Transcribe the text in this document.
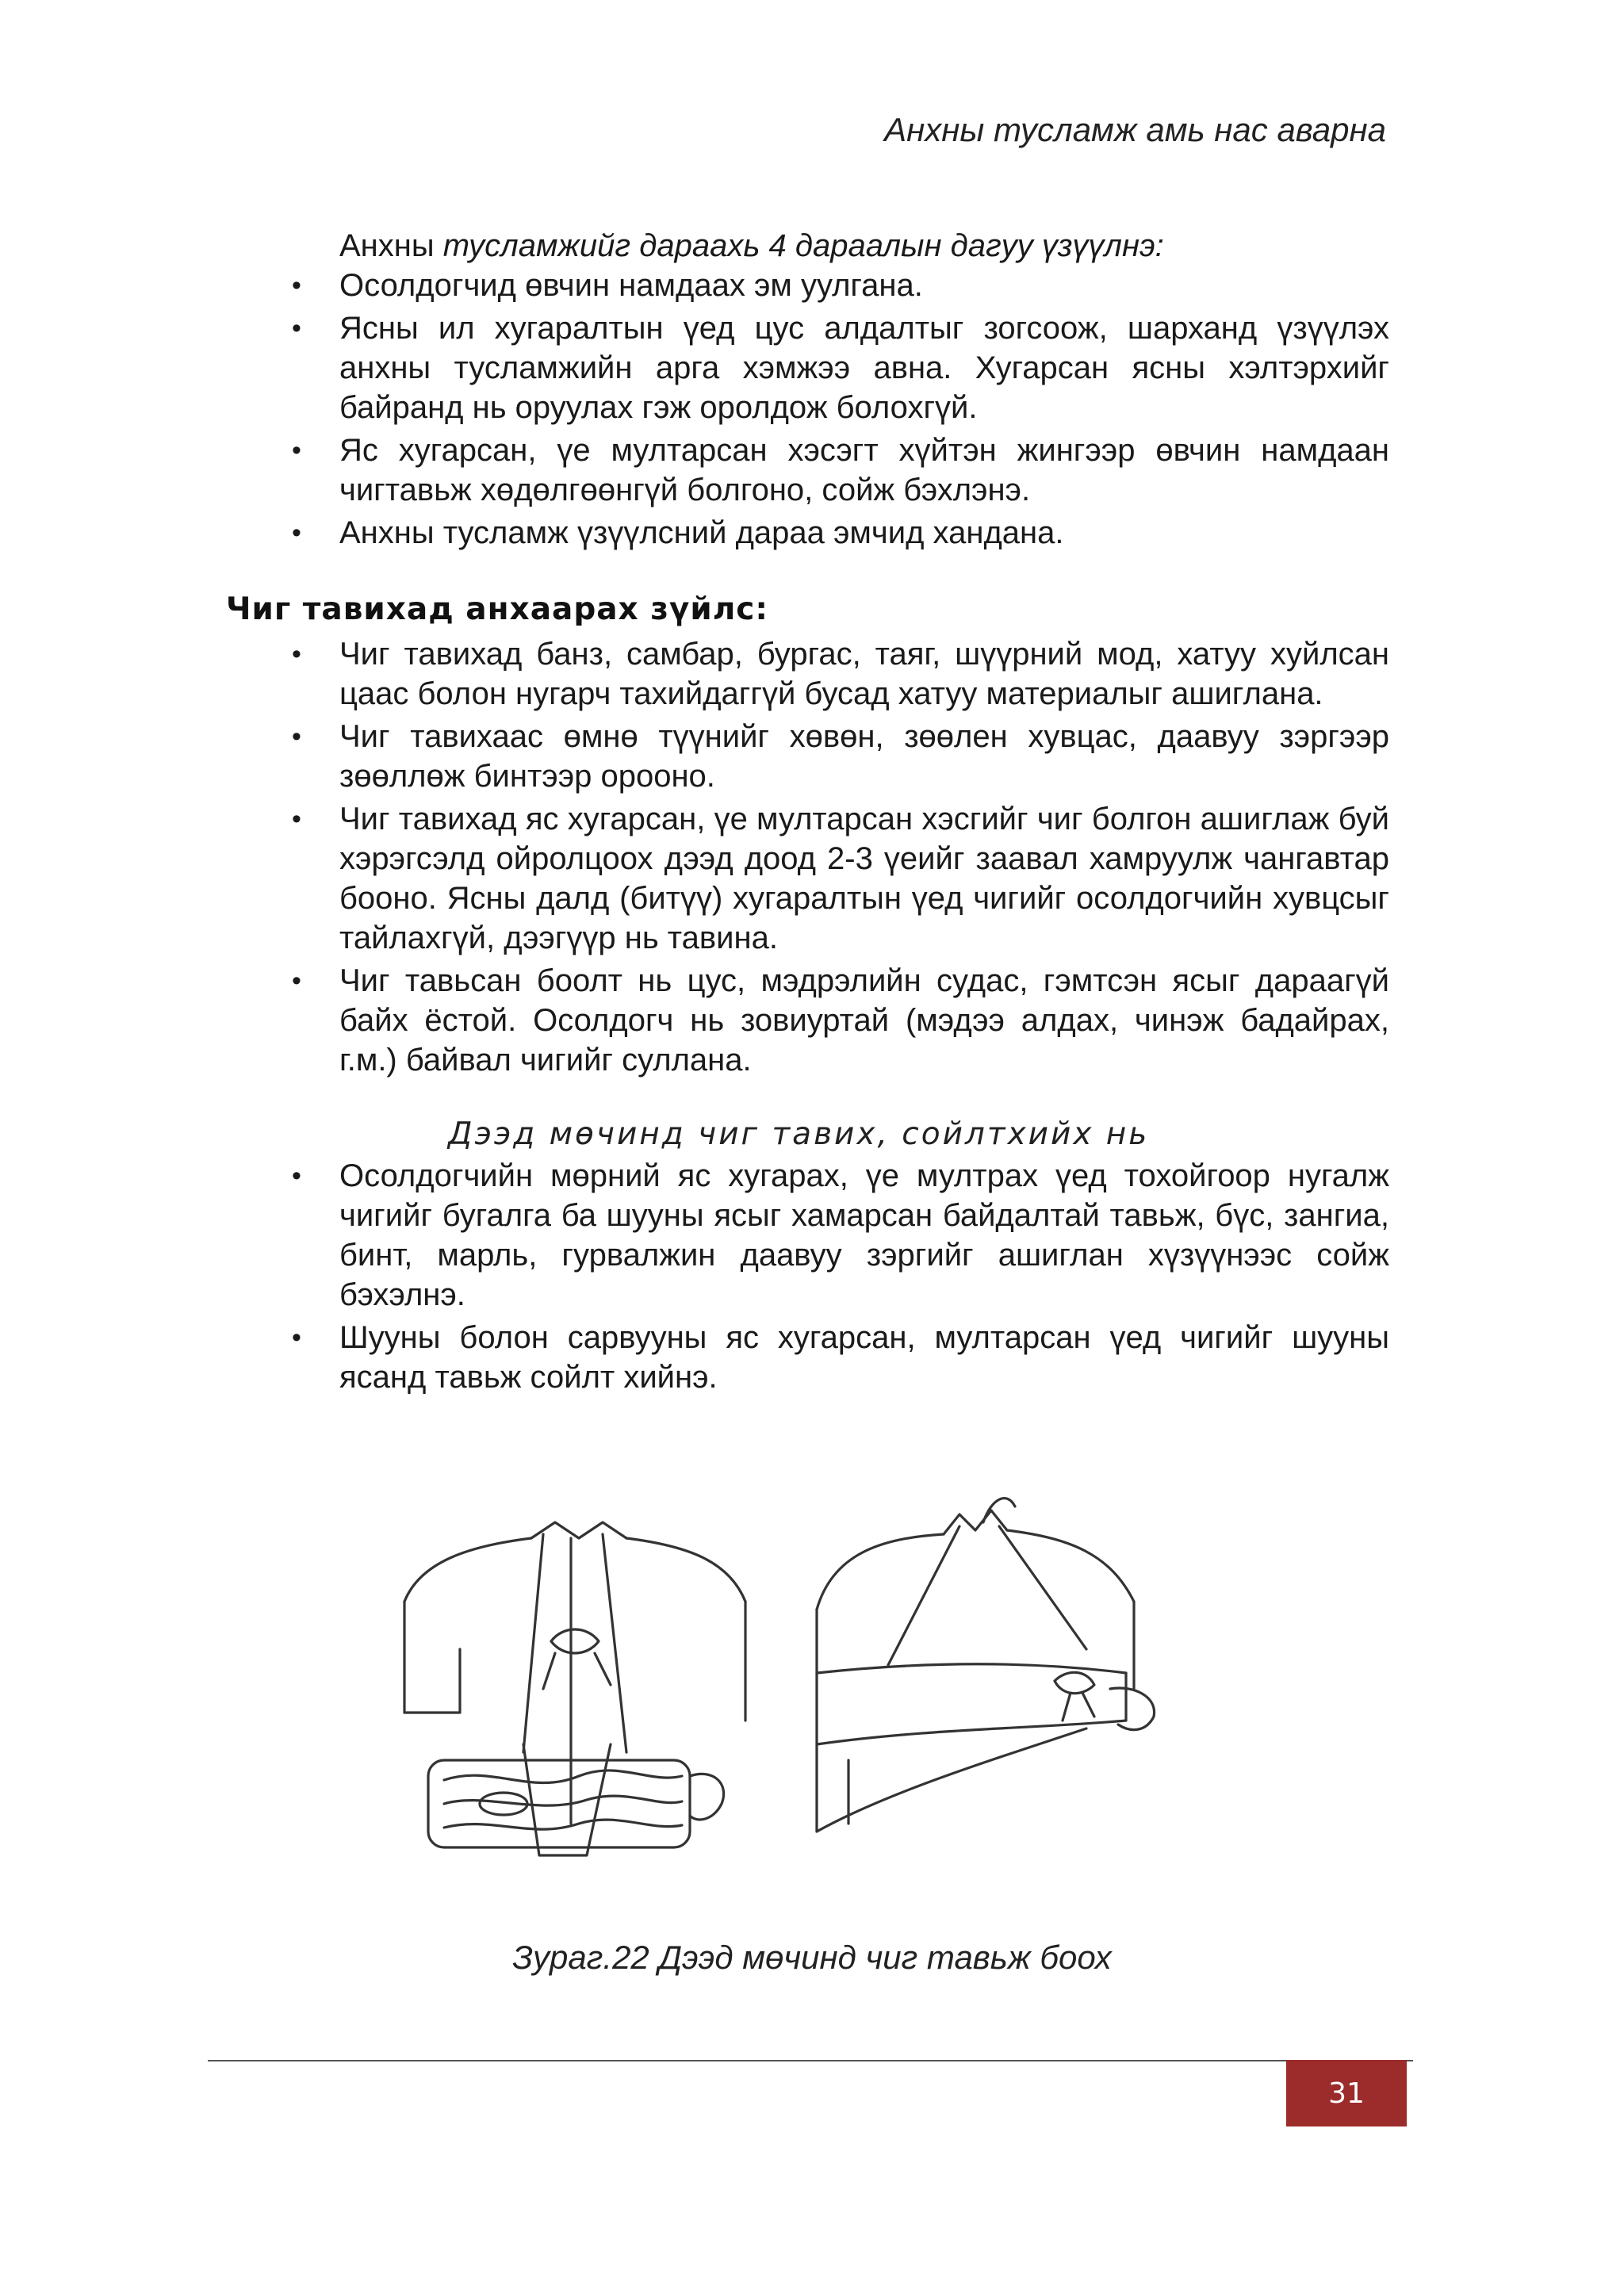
Анхны тусламж амь нас аварна
Анхны тусламжийг дараахь 4 дараалын дагуу үзүүлнэ:
• Осолдогчид өвчин намдаах эм уулгана.
• Ясны ил хугаралтын үед цус алдалтыг зогсоож, шарханд үзүүлэх анхны тусламжийн арга хэмжээ авна. Хугарсан ясны хэлтэрхийг байранд нь оруулах гэж оролдож болохгүй.
• Яс хугарсан, үе мултарсан хэсэгт хүйтэн жингээр өвчин намдаан чигтавьж хөдөлгөөнгүй болгоно, сойж бэхлэнэ.
• Анхны тусламж үзүүлсний дараа эмчид хандана.
Чиг тавихад анхаарах зүйлс:
• Чиг тавихад банз, самбар, бургас, таяг, шүүрний мод, хатуу хуйлсан цаас болон нугарч тахийдаггүй бусад хатуу материалыг ашиглана.
• Чиг тавихаас өмнө түүнийг хөвөн, зөөлен хувцас, даавуу зэргээр зөөллөж бинтээр ороонo.
• Чиг тавихад яс хугарсан, үе мултарсан хэсгийг чиг болгон ашиглаж буй хэрэгсэлд ойролцоох дээд доод 2-3 үеийг заавал хамруулж чангавтар бооно. Ясны далд (битүү) хугаралтын үед чигийг осолдогчийн хувцсыг тайлахгүй, дээгүүр нь тавина.
• Чиг тавьсан боолт нь цус, мэдрэлийн судас, гэмтсэн ясыг дараагүй байх ёстой. Осолдогч нь зовиуртай (мэдээ алдах, чинэж бадайрах, г.м.) байвал чигийг суллана.
Дээд мөчинд чиг тавих, сойлтхийх нь
• Осолдогчийн мөрний яс хугарах, үе мултрах үед тохойгоор нугалж чигийг бугалга ба шууны ясыг хамарсан байдалтай тавьж, бүс, зангиа, бинт, марль, гурвалжин даавуу зэргийг ашиглан хүзүүнээс сойж бэхэлнэ.
• Шууны болон сарвууны яс хугарсан, мултарсан үед чигийг шууны ясанд тавьж сойлт хийнэ.
Зураг.22 Дээд мөчинд чиг тавьж боох
31
